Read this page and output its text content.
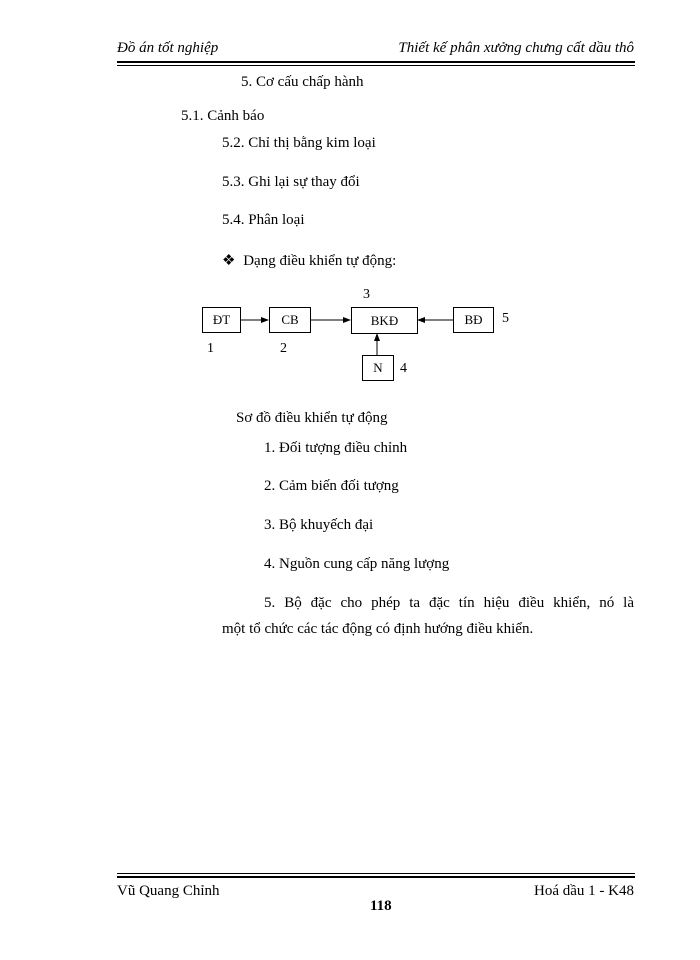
Đồ án tốt nghiệp	Thiết kế phân xưởng chưng cất dầu thô
5. Cơ cấu chấp hành
5.1. Cảnh báo
5.2. Chỉ thị bằng kim loại
5.3. Ghi lại sự thay đổi
5.4. Phân loại
❖ Dạng điều khiển tự động:
ĐT	CB	BKĐ	BĐ
N
1	2
3
4
5
Sơ đồ điều khiển tự động
1. Đối tượng điều chỉnh
2. Cảm biến đối tượng
3. Bộ khuyếch đại
4. Nguồn cung cấp năng lượng
5. Bộ đặc cho phép ta đặc tín hiệu điều khiển, nó là
một tổ chức các tác động có định hướng điều khiển.
Vũ Quang Chỉnh
118
Hoá dầu 1 - K48
